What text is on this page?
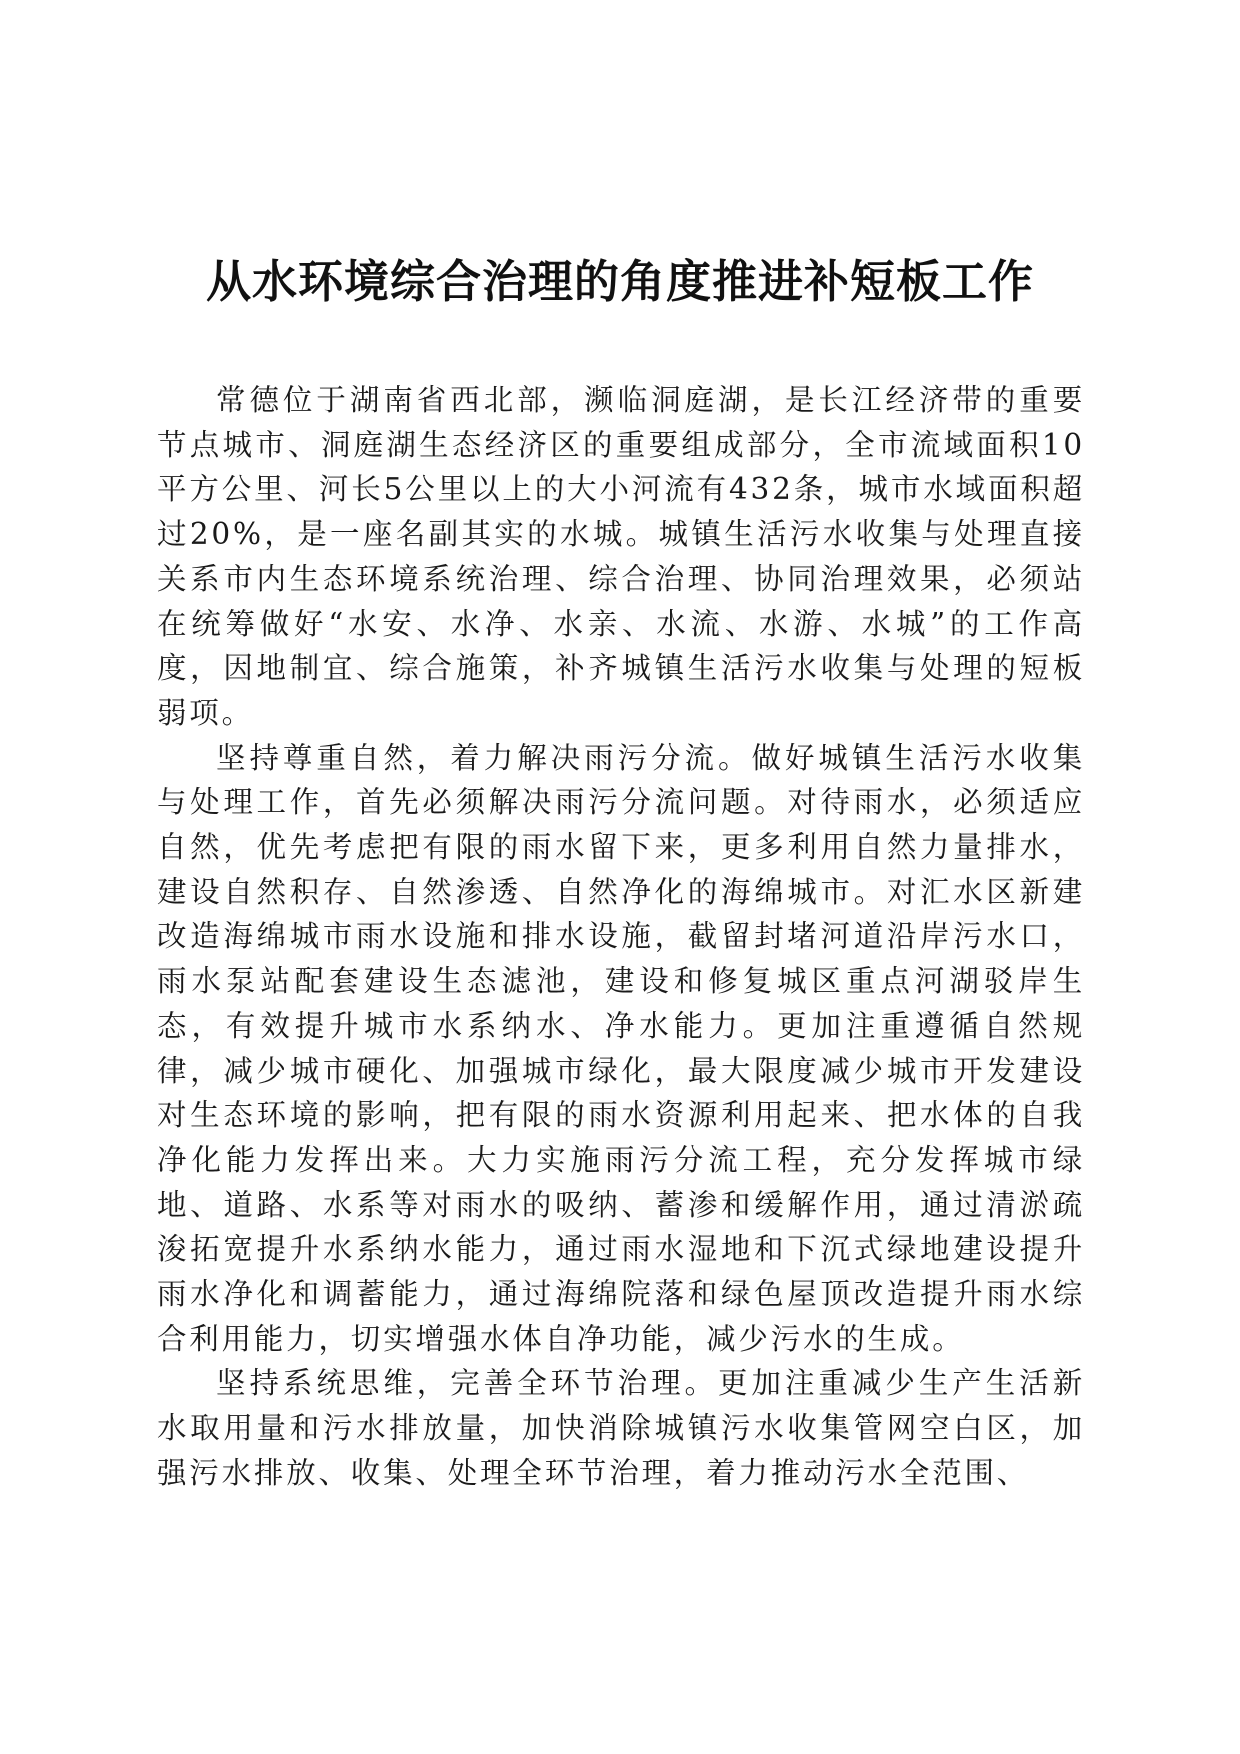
从水环境综合治理的角度推进补短板工作

常德位于湖南省西北部，濒临洞庭湖，是长江经济带的重要节点城市、洞庭湖生态经济区的重要组成部分，全市流域面积10平方公里、河长5公里以上的大小河流有432条，城市水域面积超过20%，是一座名副其实的水城。城镇生活污水收集与处理直接关系市内生态环境系统治理、综合治理、协同治理效果，必须站在统筹做好“水安、水净、水亲、水流、水游、水城”的工作高度，因地制宜、综合施策，补齐城镇生活污水收集与处理的短板弱项。

坚持尊重自然，着力解决雨污分流。做好城镇生活污水收集与处理工作，首先必须解决雨污分流问题。对待雨水，必须适应自然，优先考虑把有限的雨水留下来，更多利用自然力量排水，建设自然积存、自然渗透、自然净化的海绵城市。对汇水区新建改造海绵城市雨水设施和排水设施，截留封堵河道沿岸污水口，雨水泵站配套建设生态滤池，建设和修复城区重点河湖驳岸生态，有效提升城市水系纳水、净水能力。更加注重遵循自然规律，减少城市硬化、加强城市绿化，最大限度减少城市开发建设对生态环境的影响，把有限的雨水资源利用起来、把水体的自我净化能力发挥出来。大力实施雨污分流工程，充分发挥城市绿地、道路、水系等对雨水的吸纳、蓄渗和缓解作用，通过清淤疏浚拓宽提升水系纳水能力，通过雨水湿地和下沉式绿地建设提升雨水净化和调蓄能力，通过海绵院落和绿色屋顶改造提升雨水综合利用能力，切实增强水体自净功能，减少污水的生成。

坚持系统思维，完善全环节治理。更加注重减少生产生活新水取用量和污水排放量，加快消除城镇污水收集管网空白区，加强污水排放、收集、处理全环节治理，着力推动污水全范围、
